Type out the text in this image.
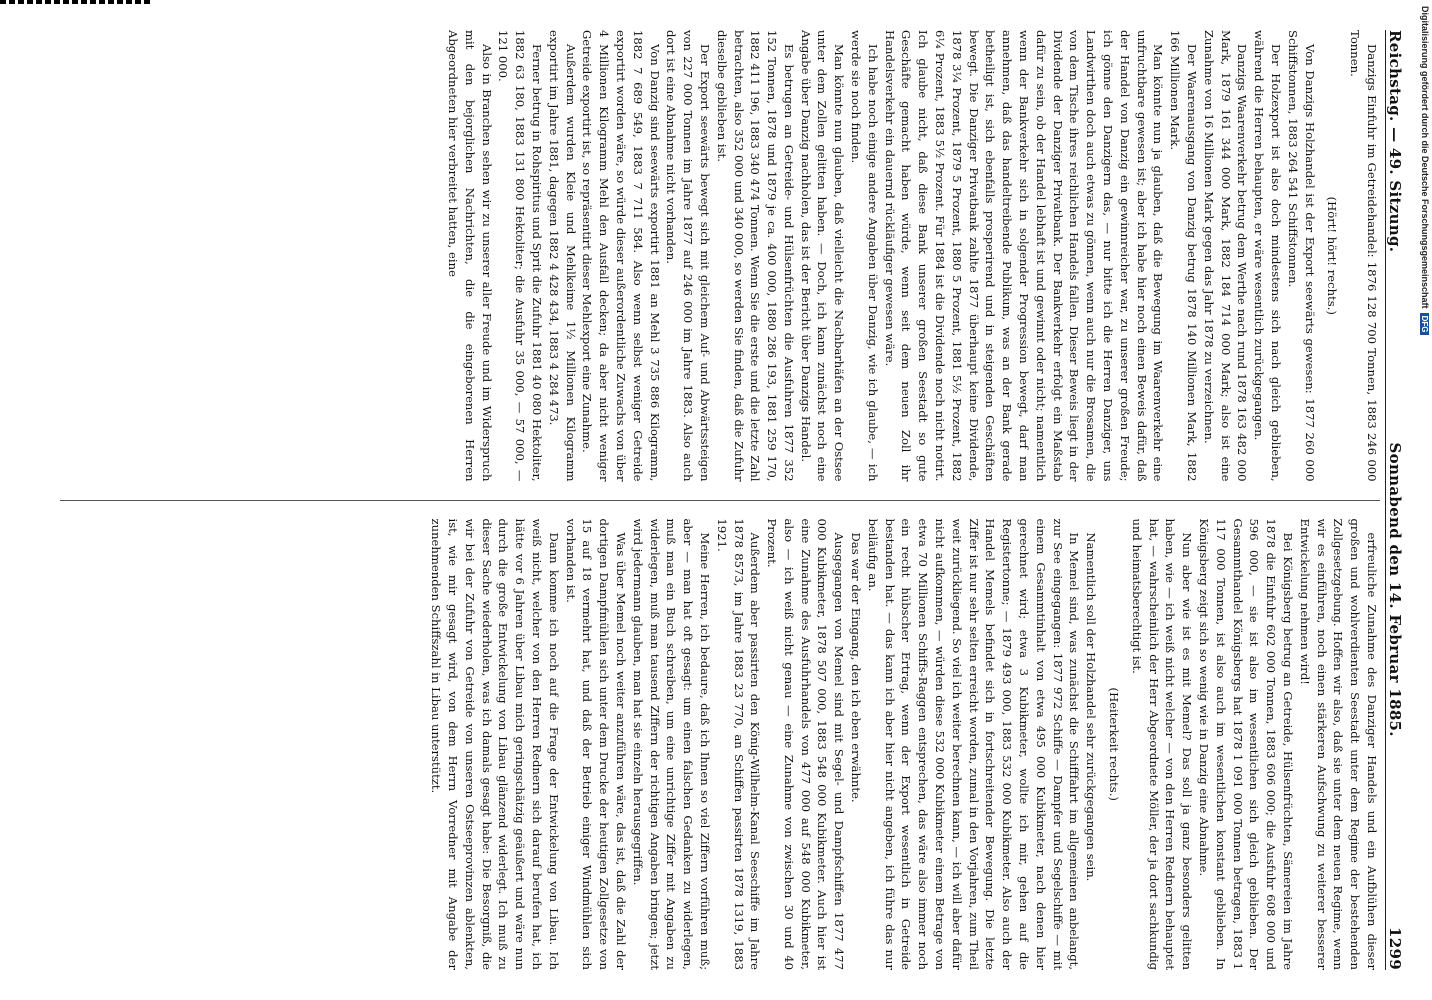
Reichstag. — 49. Sitzung.
Sonnabend den 14. Februar 1885.
1299

Danzigs Einfuhr im Getreidehandel: 1876 128 700 Tonnen, 1883 246 000 Tonnen.

(Hört! hört! rechts.)

Von Danzigs Holzhandel ist der Export seewärts gewesen: 1877 260 000 Schiffstonnen, 1883 264 541 Schiffstonnen.

Der Holzexport ist also doch mindestens sich nach gleich geblieben, während die Herren behaupten, er wäre wesentlich zurückgegangen.

Danzigs Waarenverkehr betrug dem Werthe nach rund 1878 163 482 000 Mark, 1879 161 344 000 Mark, 1882 184 714 000 Mark; also ist eine Zunahme von 16 Millionen Mark gegen das Jahr 1878 zu verzeichnen.

Der Waarenausgang von Danzig betrug 1878 140 Millionen Mark, 1882 166 Millionen Mark.

Man könnte nun ja glauben, daß die Bewegung im Waarenverkehr eine unfruchtbare gewesen ist; aber ich habe hier noch einen Beweis dafür, daß der Handel von Danzig ein gewinnreicher war, zu unserer großen Freude; ich gönne den Danzigern das, — nur bitte ich die Herren Danziger, uns Landwirthen doch auch etwas zu gönnen, wenn auch nur die Brosamen, die von dem Tische ihres reichlichen Handels fallen. Dieser Beweis liegt in der Dividende der Danziger Privatbank. Der Bankverkehr erfolgt ein Maßstab dafür zu sein, ob der Handel lebhaft ist und gewinnt oder nicht; namentlich wenn der Bankverkehr sich in solgender Progression bewegt, darf man annehmen, daß das handeltreibende Publikum, was an der Bank gerade betheiligt ist, sich ebenfalls prosperirend und in steigenden Geschäften bewegt. Die Danziger Privatbank zahlte 1877 überhaupt keine Dividende, 1878 3¼ Prozent, 1879 5 Prozent, 1880 5 Prozent, 1881 5½ Prozent, 1882 6¼ Prozent, 1883 5½ Prozent. Für 1884 ist die Dividende noch nicht notirt. Ich glaube nicht, daß diese Bank unserer großen Seestadt so gute Geschäfte gemacht haben würde, wenn seit dem neuen Zoll ihr Handelsverkehr ein dauernd rückläufiger gewesen wäre.

Ich habe noch einige andere Angaben über Danzig, wie ich glaube, — ich werde sie noch finden.

Man könnte nun glauben, daß vielleicht die Nachbarhäfen an der Ostsee unter dem Zollen gelitten haben. — Doch, ich kann zunächst noch eine Angabe über Danzig nachholen, das ist der Bericht über Danzigs Handel.

Es betrugen an Getreide- und Hülsenfrüchten die Ausfuhren 1877 352 152 Tonnen, 1878 und 1879 je ca. 400 000, 1880 286 193, 1881 259 170, 1882 411 196, 1883 340 474 Tonnen. Wenn Sie die erste und die letzte Zahl betrachten, also 352 000 und 340 000, so werden Sie finden, daß die Zufuhr dieselbe geblieben ist.

Der Export seewärts bewegt sich mit gleichem Auf- und Abwärtssteigen von 227 000 Tonnen im Jahre 1877 auf 246 000 im Jahre 1883. Also auch dort ist eine Abnahme nicht vorhanden.

Von Danzig sind seewärts exportirt 1881 an Mehl 3 735 886 Kilogramm, 1882 7 689 549, 1883 7 711 584. Also wenn selbst weniger Getreide exportirt worden wäre, so würde dieser außerordentliche Zuwachs von über 4 Millionen Kilogramm Mehl den Ausfall decken; da aber nicht weniger Getreide exportirt ist, so repräsentirt dieser Mehlexport eine Zunahme.

Außerdem wurden Kleie und Mehlkeime 1½ Millionen Kilogramm exportirt im Jahre 1881, dagegen 1882 4 428 434, 1883 4 284 473.

Ferner betrug in Rohspiritus und Sprit die Zufuhr 1881 40 080 Hektoliter, 1882 63 180, 1883 131 800 Hektoliter; die Ausfuhr 35 000, — 57 000, — 121 000.

Also in Branchen sehen wir zu unserer aller Freude und im Widerspruch mit den bejorglichen Nachrichten, die die eingeborenen Herren Abgeordneten hier verbreitet hatten, eine

erfreuliche Zunahme des Danziger Handels und ein Aufblühen dieser großen und wohlverdienten Seestadt unter dem Regime der bestehenden Zollgesetzgebung. Hoffen wir also, daß sie unter dem neuen Regime, wenn wir es einführen, noch einen stärkeren Aufschwung zu weiterer besserer Entwickelung nehmen wird!

Bei Königsberg betrug an Getreide, Hülsenfrüchten, Sämereien im Jahre 1878 die Einfuhr 602 000 Tonnen, 1883 606 000; die Ausfuhr 608 000 und 596 000, — sie ist also im wesentlichen sich gleich geblieben. Der Gesammthandel Königsbergs hat 1878 1 091 000 Tonnen betragen, 1883 1 117 000 Tonnen, ist also auch im wesentlichen konstant geblieben. In Königsberg zeigt sich so wenig wie in Danzig eine Abnahme.

Nun aber wie ist es mit Memel? Das soll ja ganz besonders gelitten haben, wie — ich weiß nicht welcher — von den Herren Rednern behauptet hat, — wahrscheinlich der Herr Abgeordnete Möller, der ja dort sachkundig und heimatsberechtigt ist.

(Heiterkeit rechts.)

Namentlich soll der Holzhandel sehr zurückgegangen sein.

In Memel sind, was zunächst die Schifffahrt im allgemeinen anbelangt, zur See eingegangen: 1877 972 Schiffe — Dampfer und Segelschiffe — mit einem Gesammtinhalt von etwa 495 000 Kubikmeter, nach denen hier gerechnet wird; etwa 3 Kubikmeter, wollte ich mir, gehen auf die Registertonne; — 1879 493 000, 1883 532 000 Kubikmeter. Also auch der Handel Memels befindet sich in fortschreitender Bewegung. Die letzte Ziffer ist nur sehr selten erreicht worden, zumal in den Vorjahren, zum Theil weit zurückliegend. So viel ich weiter berechnen kann, — ich will aber dafür nicht aufkommen, — würden diese 532 000 Kubikmeter einem Betrage von etwa 70 Millionen Schiffs-Raggen entsprechen, das wäre also immer noch ein recht hübscher Ertrag, wenn der Export wesentlich in Getreide bestanden hat. — das kann ich aber hier nicht angeben, ich führe das nur beiläufig an.

Das war der Eingang, den ich eben erwähnte.

Ausgegangen von Memel sind mit Segel- und Dampfschiffen 1877 477 000 Kubikmeter, 1878 507 000, 1883 548 000 Kubikmeter. Auch hier ist eine Zunahme des Ausfuhrhandels von 477 000 auf 548 000 Kubikmeter, also — ich weiß nicht genau — eine Zunahme von zwischen 30 und 40 Prozent.

Außerdem aber passirten den König-Wilhelm-Kanal Seeschiffe im Jahre 1878 8573, im Jahre 1883 23 770, an Schiffen passirten 1878 1319, 1883 1921.

Meine Herren, ich bedaure, daß ich Ihnen so viel Ziffern vorführen muß; aber — man hat oft gesagt: um einen falschen Gedanken zu widerlegen, muß man ein Buch schreiben, um eine unrichtige Ziffer mit Angaben zu widerlegen, muß man tausend Ziffern der richtigen Angaben bringen; jetzt wird jedermann glauben, man hat sie einzeln herausgegriffen.

Was über Memel noch weiter anzuführen wäre, das ist, daß die Zahl der dortigen Dampfmühlen sich unter dem Drucke der heutigen Zollgesetze von 15 auf 18 vermehrt hat, und daß der Betrieb einiger Windmühlen sich vorhanden ist.

Dann komme ich noch auf die Frage der Entwickelung von Libau. Ich weiß nicht, welcher von den Herren Rednern sich darauf berufen hat, ich hätte vor 6 Jahren über Libau mich geringschätzig geäußert und wäre nun durch die große Entwickelung von Libau glänzend widerlegt. Ich muß zu dieser Sache wiederholen, was ich damals gesagt habe: Die Besorgniß, die wir bei der Zufuhr von Getreide von unseren Ostseeprovinzen ablenkten, ist, wie mir gesagt wird, von dem Herrn Vorredner mit Angabe der zunehmenden Schiffszahl in Libau unterstützt.

Digitalisierung gefördert durch die Deutsche ForschungsgemeinschaftDFG
